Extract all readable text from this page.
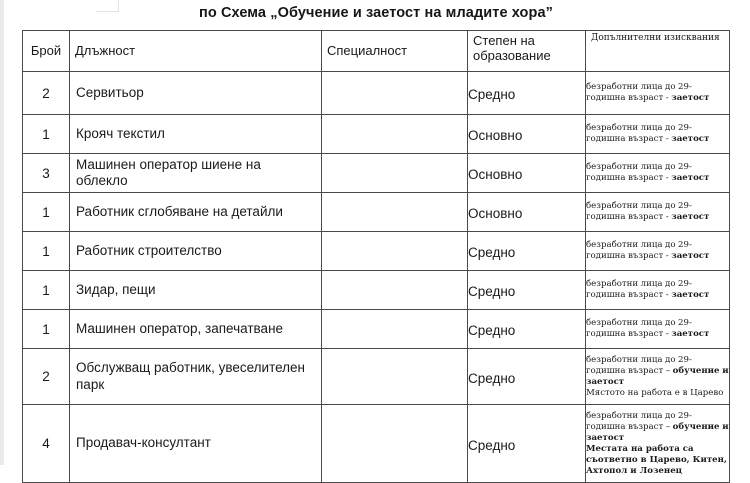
по Схема „Обучение и заетост на младите хора”
Брой	Длъжност	Специалност	Степен на образование	Допълнителни изисквания

2	Сервитьор		Средно	безработни лица до 29-годишна възраст - заетост

1	Крояч текстил		Основно	безработни лица до 29-годишна възраст - заетост

3	Машинен оператор шиене на облекло		Основно	безработни лица до 29-годишна възраст - заетост

1	Работник сглобяване на детайли		Основно	безработни лица до 29-годишна възраст - заетост

1	Работник строителство		Средно	безработни лица до 29-годишна възраст - заетост

1	Зидар, пещи		Средно	безработни лица до 29-годишна възраст - заетост

1	Машинен оператор, запечатване		Средно	безработни лица до 29-годишна възраст - заетост

2	Обслужващ работник, увеселителен парк		Средно	безработни лица до 29-годишна възраст – обучение и заетост
Мястото на работа е в Царево

4	Продавач-консултант		Средно	безработни лица до 29-годишна възраст – обучение и заетост
Местата на работа са съответно в Царево, Китен, Ахтопол и Лозенец
